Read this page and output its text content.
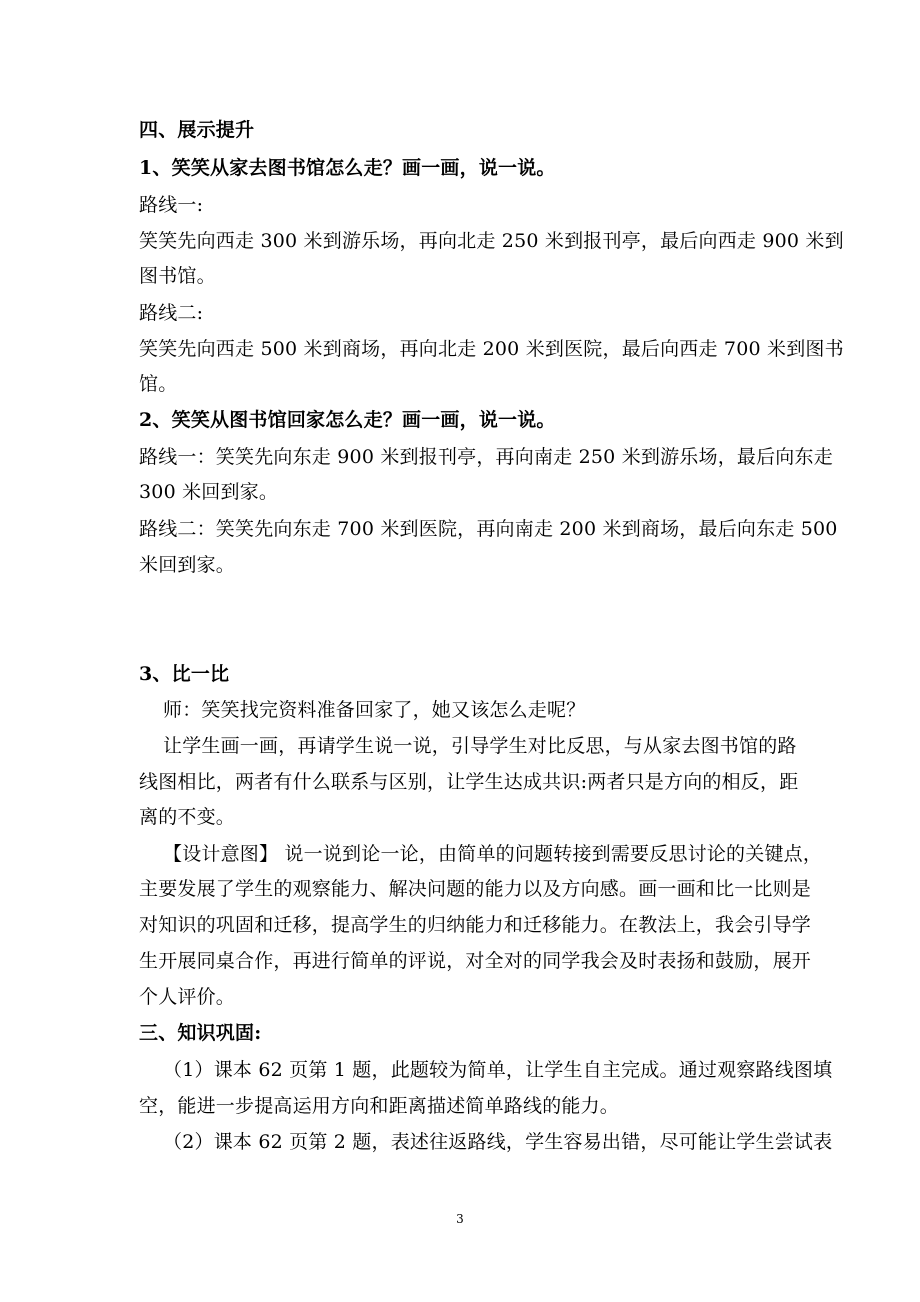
四、展示提升
1、笑笑从家去图书馆怎么走？画一画，说一说。
路线一:
笑笑先向西走 300 米到游乐场，再向北走 250 米到报刊亭，最后向西走 900 米到
图书馆。
路线二:
笑笑先向西走 500 米到商场，再向北走 200 米到医院，最后向西走 700 米到图书
馆。
2、笑笑从图书馆回家怎么走？画一画，说一说。
路线一：笑笑先向东走 900 米到报刊亭，再向南走 250 米到游乐场，最后向东走
300 米回到家。
路线二：笑笑先向东走 700 米到医院，再向南走 200 米到商场，最后向东走 500
米回到家。
3、比一比
师：笑笑找完资料准备回家了，她又该怎么走呢？
让学生画一画，再请学生说一说，引导学生对比反思，与从家去图书馆的路
线图相比，两者有什么联系与区别，让学生达成共识:两者只是方向的相反，距
离的不变。
【设计意图】 说一说到论一论，由简单的问题转接到需要反思讨论的关键点，
主要发展了学生的观察能力、解决问题的能力以及方向感。画一画和比一比则是
对知识的巩固和迁移，提高学生的归纳能力和迁移能力。在教法上，我会引导学
生开展同桌合作，再进行简单的评说，对全对的同学我会及时表扬和鼓励，展开
个人评价。
三、知识巩固:
（1）课本 62 页第 1 题，此题较为简单，让学生自主完成。通过观察路线图填
空，能进一步提高运用方向和距离描述简单路线的能力。
（2）课本 62 页第 2 题，表述往返路线，学生容易出错，尽可能让学生尝试表
3
